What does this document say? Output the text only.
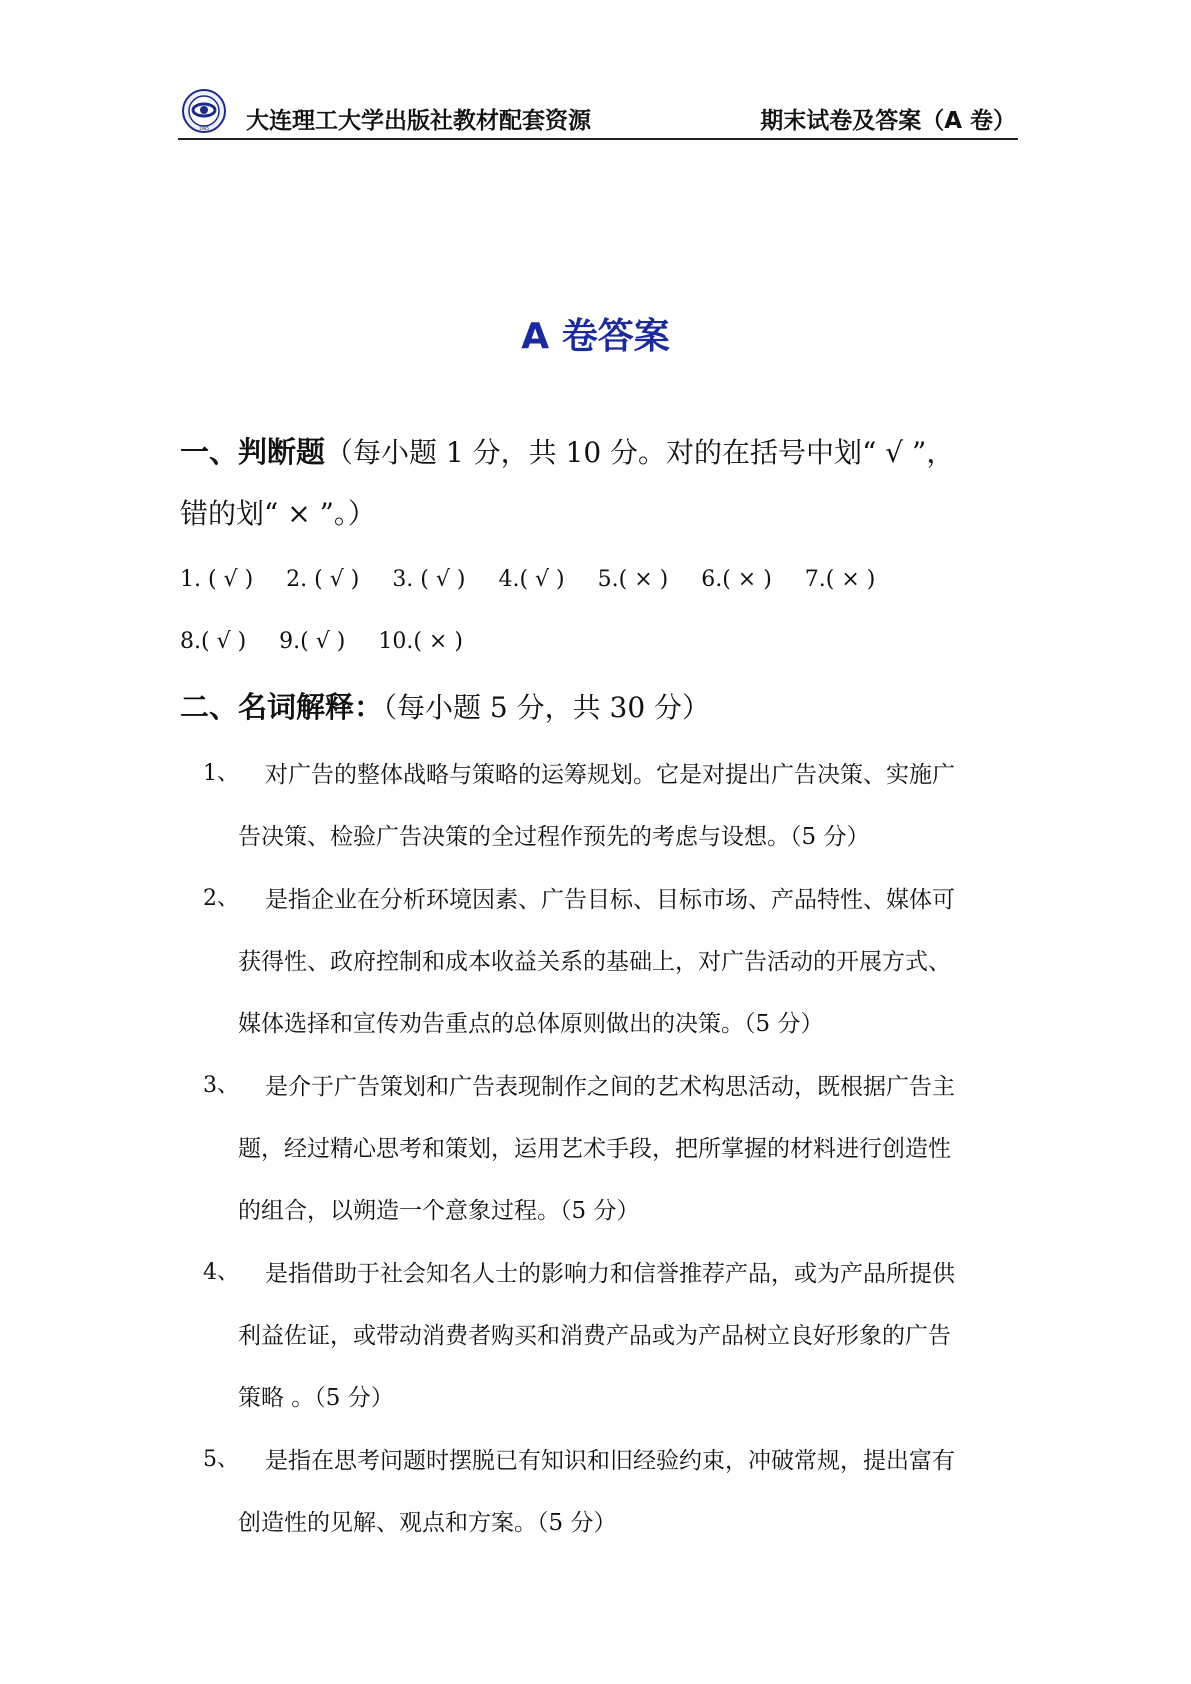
1985 大连理工大学出版社教材配套资源	期末试卷及答案（A 卷）
A 卷答案
一、判断题（每小题 1 分，共 10 分。对的在括号中划“ √ ”，
错的划“ × ”。）
1. ( √ ) 2. ( √ ) 3. ( √ ) 4.( √ ) 5.( × ) 6.( × ) 7.( × )
8.( √ ) 9.( √ ) 10.( × )
二、名词解释：（每小题 5 分，共 30 分）
1、 对广告的整体战略与策略的运筹规划。它是对提出广告决策、实施广
告决策、检验广告决策的全过程作预先的考虑与设想。（5 分）
2、 是指企业在分析环境因素、广告目标、目标市场、产品特性、媒体可
获得性、政府控制和成本收益关系的基础上，对广告活动的开展方式、
媒体选择和宣传劝告重点的总体原则做出的决策。（5 分）
3、 是介于广告策划和广告表现制作之间的艺术构思活动，既根据广告主
题，经过精心思考和策划，运用艺术手段，把所掌握的材料进行创造性
的组合，以朔造一个意象过程。（5 分）
4、 是指借助于社会知名人士的影响力和信誉推荐产品，或为产品所提供
利益佐证，或带动消费者购买和消费产品或为产品树立良好形象的广告
策略 。（5 分）
5、 是指在思考问题时摆脱已有知识和旧经验约束，冲破常规，提出富有
创造性的见解、观点和方案。（5 分）
